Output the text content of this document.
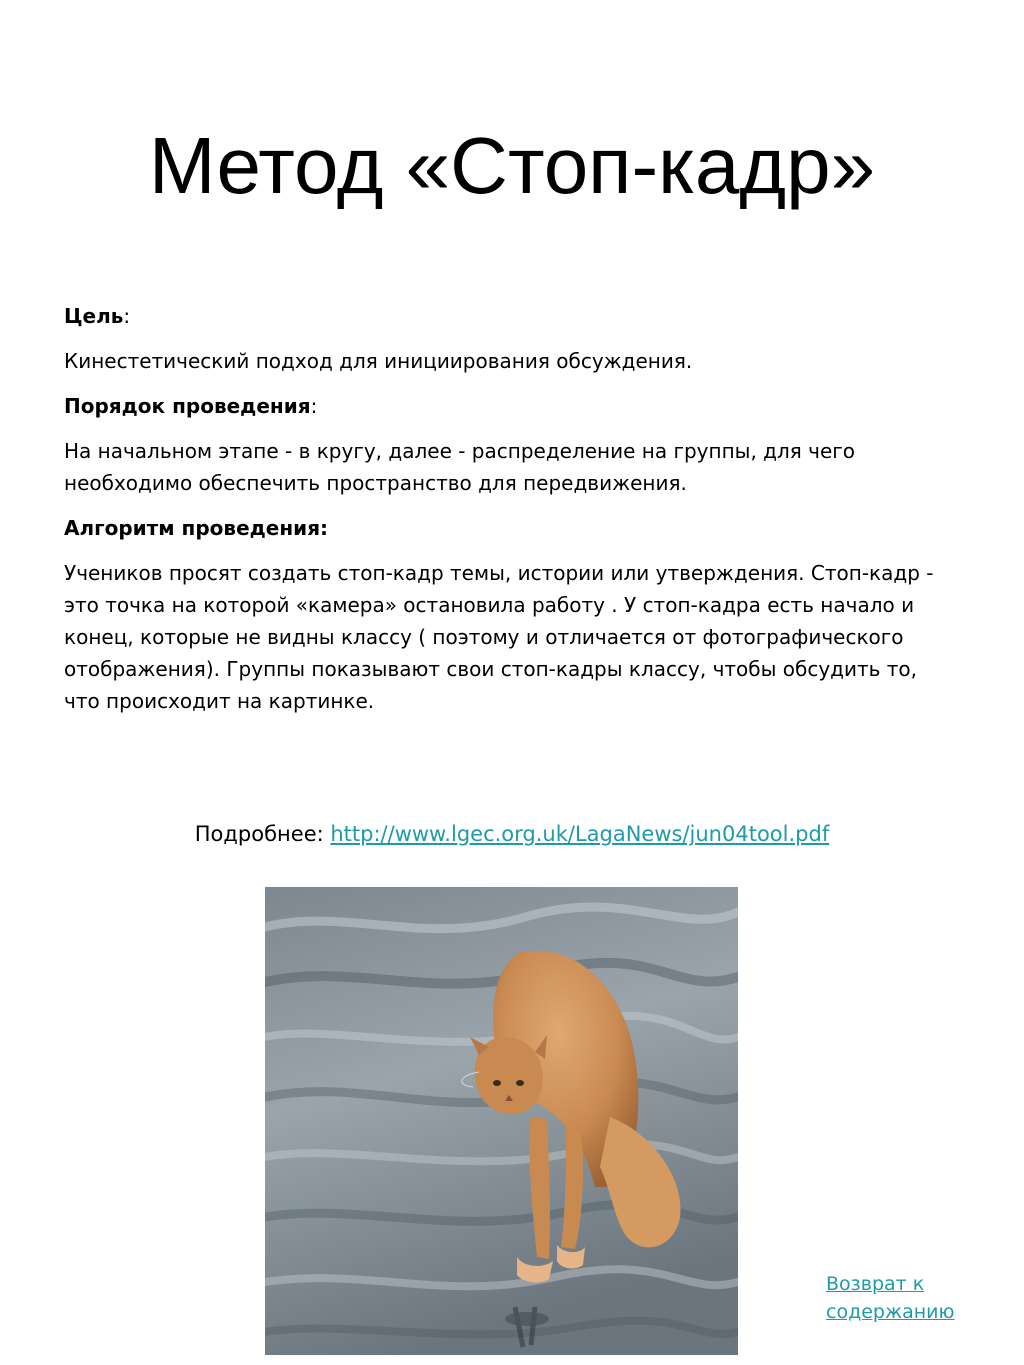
Метод «Стоп-кадр»

Цель:

Кинестетический подход для инициирования обсуждения.

Порядок проведения:

На начальном этапе - в кругу, далее - распределение на группы, для чего необходимо обеспечить пространство для передвижения.

Алгоритм проведения:

Учеников просят создать стоп-кадр темы, истории или утверждения. Стоп-кадр - это точка на которой «камера» остановила работу . У стоп-кадра есть начало и конец, которые не видны классу ( поэтому и отличается от фотографического отображения). Группы показывают свои стоп-кадры классу, чтобы обсудить то, что происходит на картинке.

Подробнее: http://www.lgec.org.uk/LagaNews/jun04tool.pdf
Возврат к
содержанию
